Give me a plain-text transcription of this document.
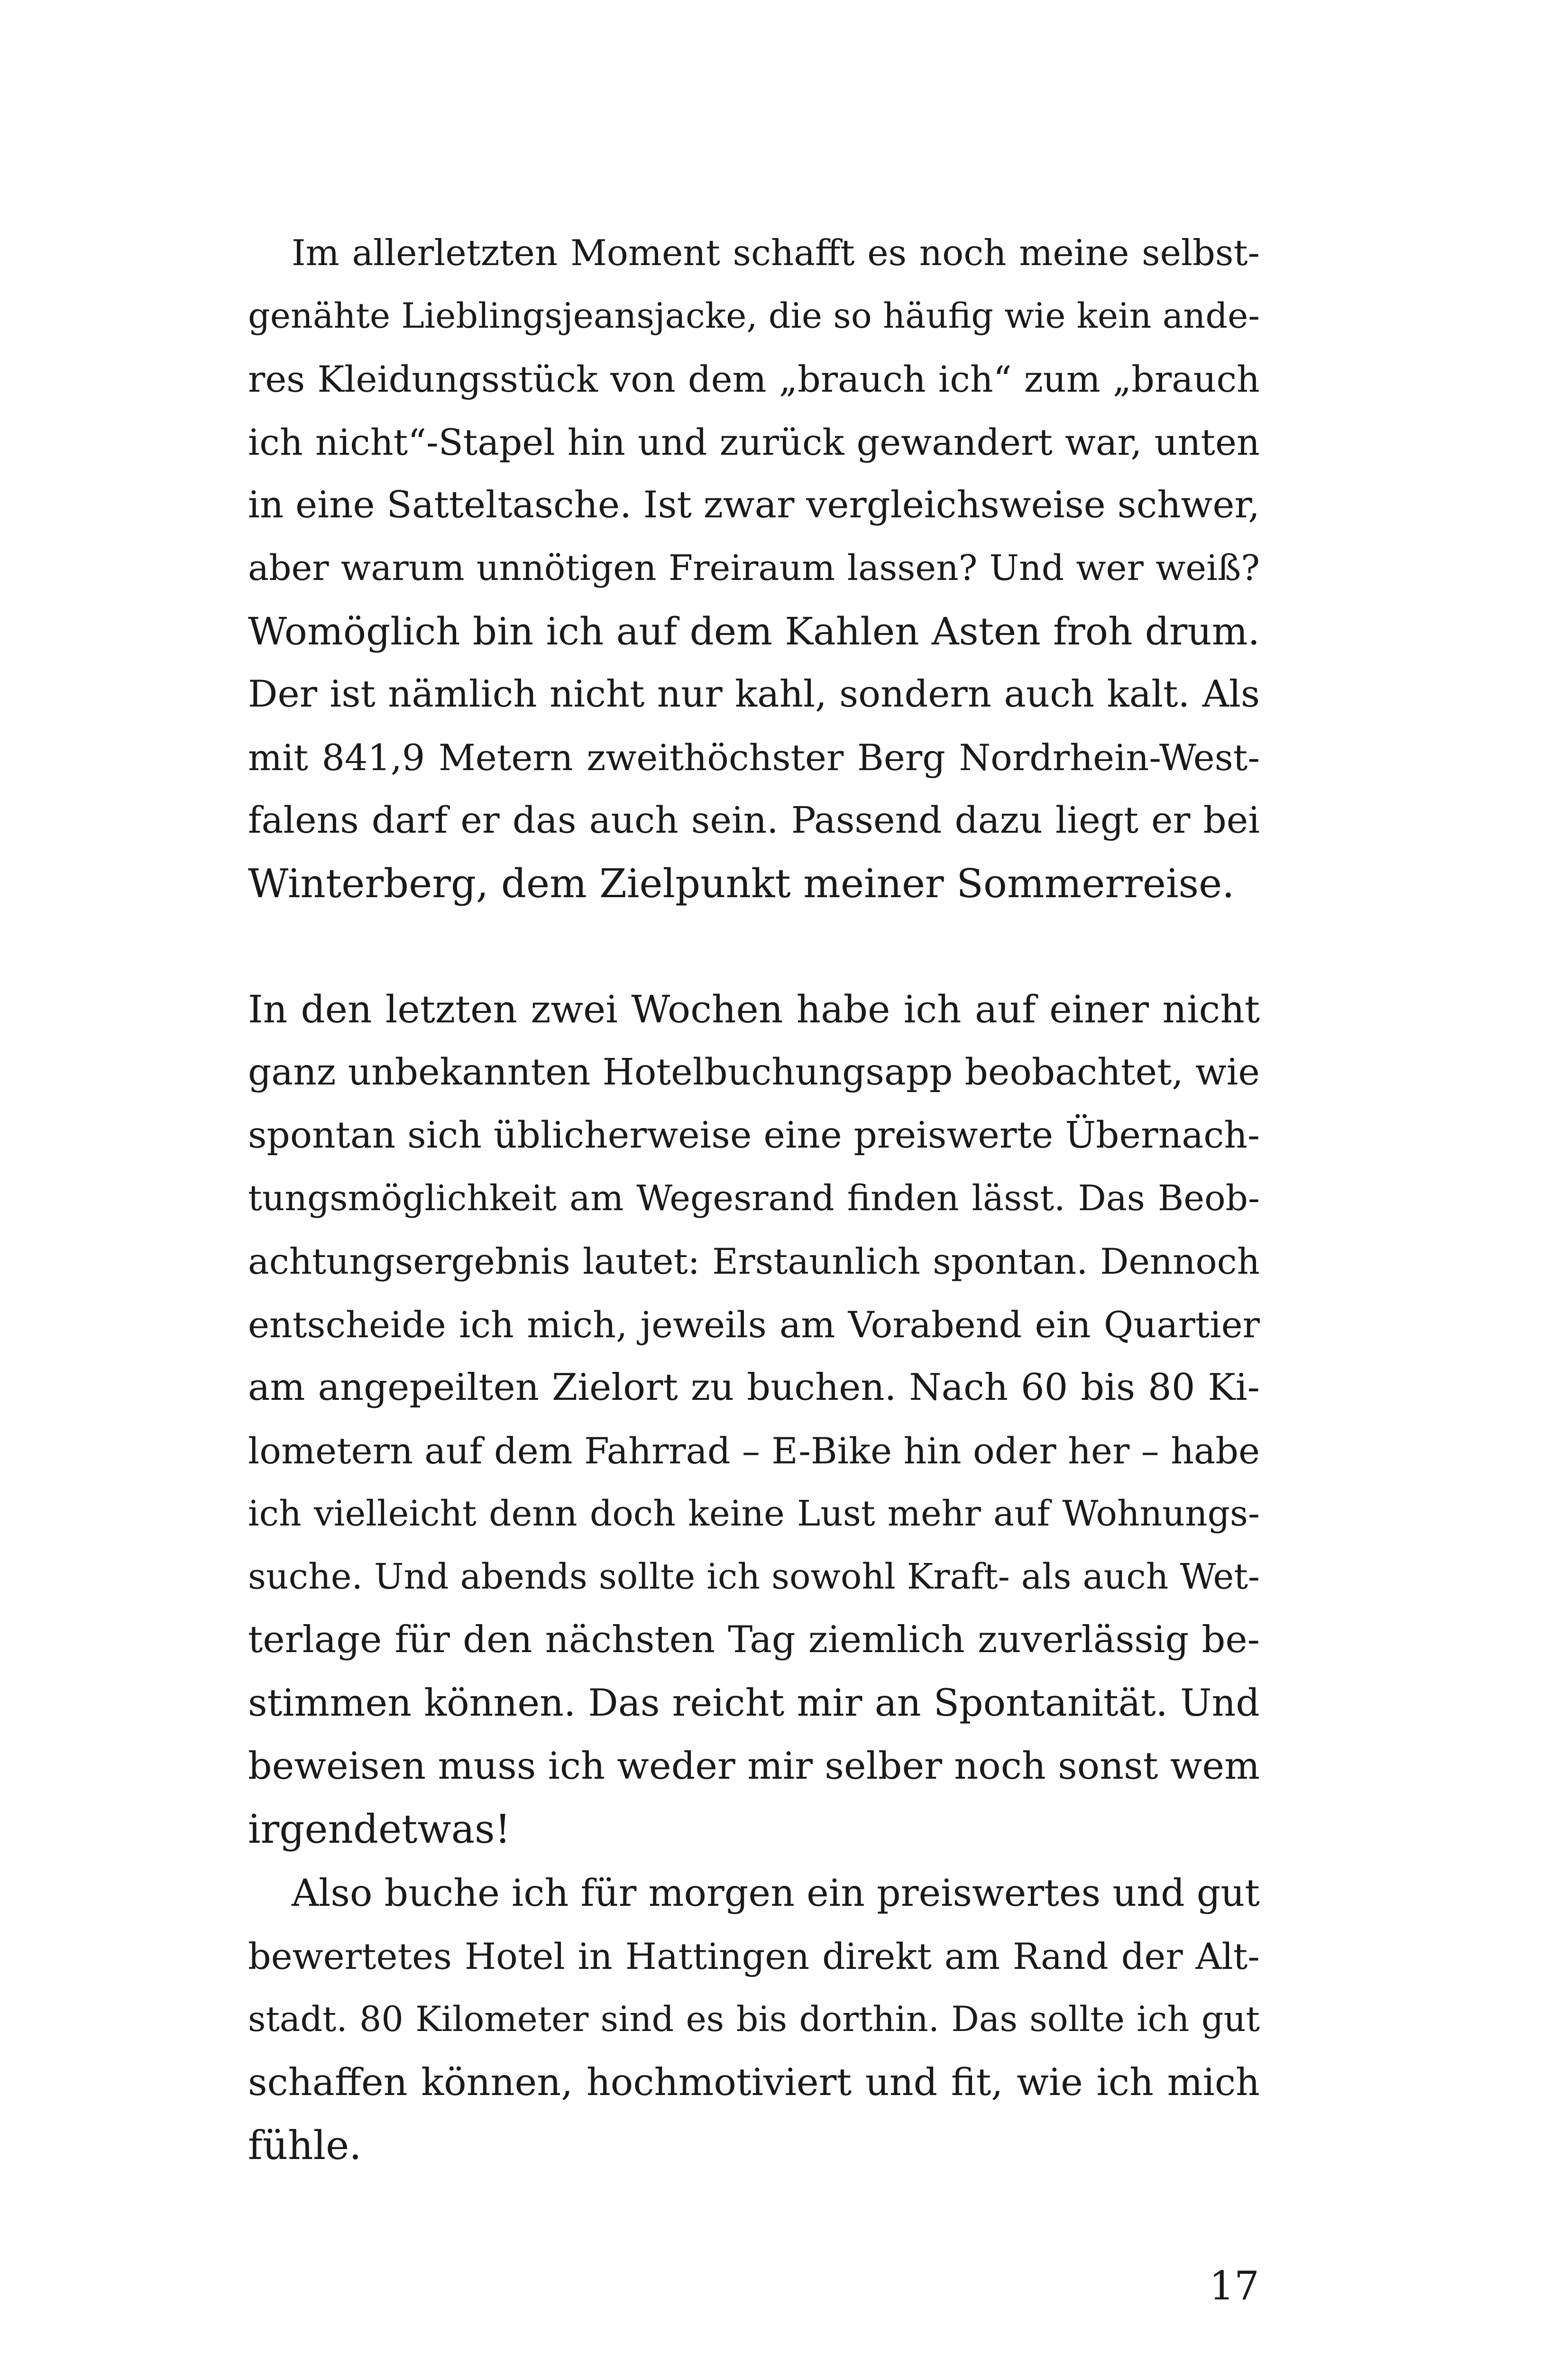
Im allerletzten Moment schafft es noch meine selbst-
genähte Lieblingsjeansjacke, die so häufig wie kein ande-
res Kleidungsstück von dem „brauch ich“ zum „brauch
ich nicht“-Stapel hin und zurück gewandert war, unten
in eine Satteltasche. Ist zwar vergleichsweise schwer,
aber warum unnötigen Freiraum lassen? Und wer weiß?
Womöglich bin ich auf dem Kahlen Asten froh drum.
Der ist nämlich nicht nur kahl, sondern auch kalt. Als
mit 841,9 Metern zweithöchster Berg Nordrhein-West-
falens darf er das auch sein. Passend dazu liegt er bei
Winterberg, dem Zielpunkt meiner Sommerreise.
In den letzten zwei Wochen habe ich auf einer nicht
ganz unbekannten Hotelbuchungsapp beobachtet, wie
spontan sich üblicherweise eine preiswerte Übernach-
tungsmöglichkeit am Wegesrand finden lässt. Das Beob-
achtungsergebnis lautet: Erstaunlich spontan. Dennoch
entscheide ich mich, jeweils am Vorabend ein Quartier
am angepeilten Zielort zu buchen. Nach 60 bis 80 Ki-
lometern auf dem Fahrrad – E-Bike hin oder her – habe
ich vielleicht denn doch keine Lust mehr auf Wohnungs-
suche. Und abends sollte ich sowohl Kraft- als auch Wet-
terlage für den nächsten Tag ziemlich zuverlässig be-
stimmen können. Das reicht mir an Spontanität. Und
beweisen muss ich weder mir selber noch sonst wem
irgendetwas!
Also buche ich für morgen ein preiswertes und gut
bewertetes Hotel in Hattingen direkt am Rand der Alt-
stadt. 80 Kilometer sind es bis dorthin. Das sollte ich gut
schaffen können, hochmotiviert und fit, wie ich mich
fühle.

17
